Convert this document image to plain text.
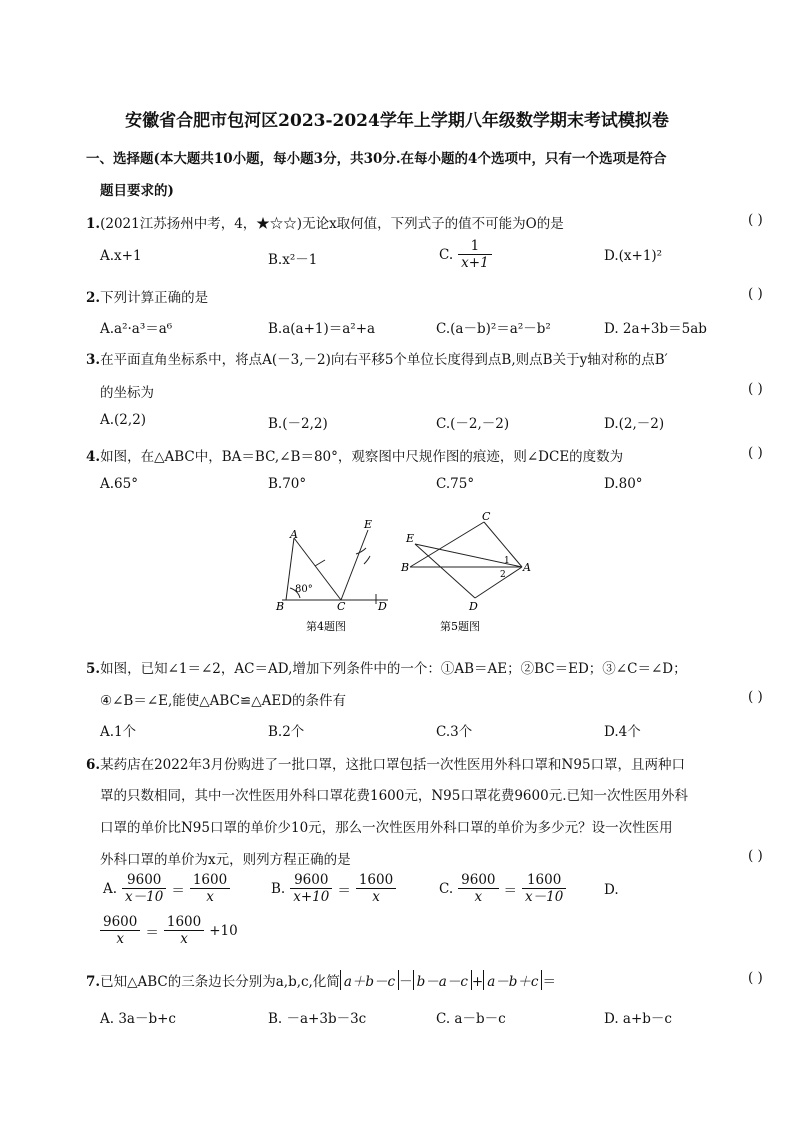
安徽省合肥市包河区2023-2024学年上学期八年级数学期末考试模拟卷
一、选择题(本大题共10小题，每小题3分，共30分.在每小题的4个选项中，只有一个选项是符合
题目要求的)
1.(2021江苏扬州中考，4，★☆☆)无论x取何值，下列式子的值不可能为O的是	( )
A.x+1	B.x²－1	C. $\frac{1}{x+1}$	D.(x+1)²
2.下列计算正确的是	( )
A.a²·a³＝a⁶	B.a(a+1)＝a²+a	C.(a－b)²＝a²－b²	D. 2a+3b＝5ab
3.在平面直角坐标系中，将点A(－3,－2)向右平移5个单位长度得到点B,则点B关于y轴对称的点B′
的坐标为	( )
A.(2,2)	B.(－2,2)	C.(－2,－2)	D.(2,－2)
4.如图，在△ABC中，BA＝BC,∠B＝80°，观察图中尺规作图的痕迹，则∠DCE的度数为	( )
A.65°	B.70°	C.75°	D.80°
A
B	C	D
E
80°
第4题图
C
E
B	A
D
1
2
第5题图
5.如图，已知∠1＝∠2，AC＝AD,增加下列条件中的一个：①AB＝AE；②BC＝ED；③∠C＝∠D；
④∠B＝∠E,能使△ABC≌△AED的条件有	( )
A.1个	B.2个	C.3个	D.4个
6.某药店在2022年3月份购进了一批口罩，这批口罩包括一次性医用外科口罩和N95口罩，且两种口
罩的只数相同，其中一次性医用外科口罩花费1600元，N95口罩花费9600元.已知一次性医用外科
口罩的单价比N95口罩的单价少10元，那么一次性医用外科口罩的单价为多少元？设一次性医用
外科口罩的单价为x元，则列方程正确的是	( )
A. $\frac{9600}{x-10} = \frac{1600}{x}$	B. $\frac{9600}{x+10} = \frac{1600}{x}$	C. $\frac{9600}{x} = \frac{1600}{x-10}$	D.
$\frac{9600}{x} = \frac{1600}{x} +10$
7.已知△ABC的三条边长分别为a,b,c,化简 a＋b－c － b－a－c + a－b＋c ＝	( )
A. 3a－b+c	B. －a+3b－3c	C. a－b－c	D. a+b－c
